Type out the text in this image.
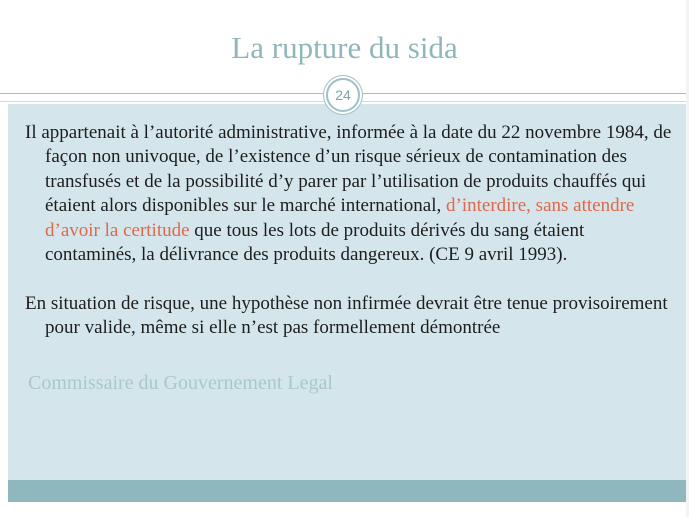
La rupture du sida
24

Il appartenait à l’autorité administrative, informée à la date du 22 novembre 1984, de façon non univoque, de l’existence d’un risque sérieux de contamination des transfusés et de la possibilité d’y parer par l’utilisation de produits chauffés qui étaient alors disponibles sur le marché international, d’interdire, sans attendre d’avoir la certitude que tous les lots de produits dérivés du sang étaient contaminés, la délivrance des produits dangereux. (CE 9 avril 1993).

En situation de risque, une hypothèse non infirmée devrait être tenue provisoirement pour valide, même si elle n’est pas formellement démontrée

Commissaire du Gouvernement Legal
